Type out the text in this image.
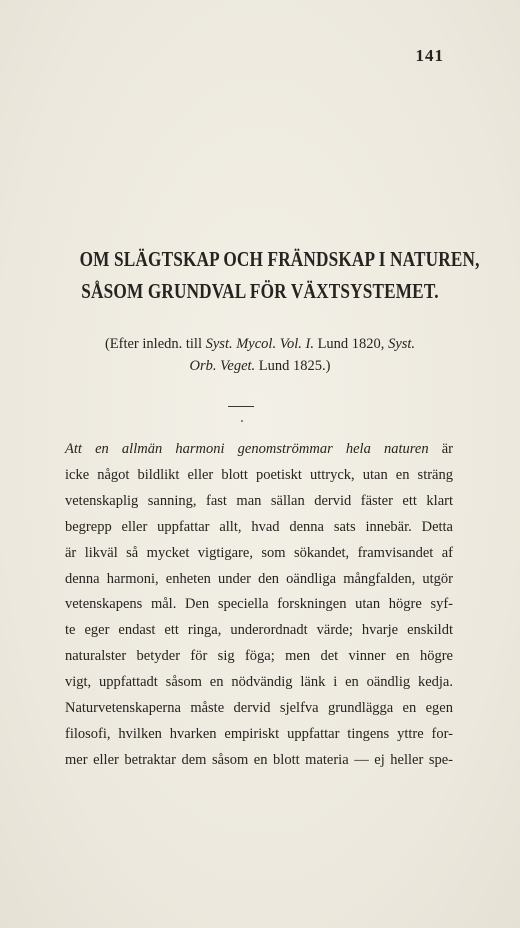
141
OM SLÄGTSKAP OCH FRÄNDSKAP I NATUREN,
SÅSOM GRUNDVAL FÖR VÄXTSYSTEMET.
(Efter inledn. till Syst. Mycol. Vol. I. Lund 1820, Syst.
Orb. Veget. Lund 1825.)
Att en allmän harmoni genomströmmar hela naturen är
icke något bildlikt eller blott poetiskt uttryck, utan en sträng
vetenskaplig sanning, fast man sällan dervid fäster ett klart
begrepp eller uppfattar allt, hvad denna sats innebär. Detta
är likväl så mycket vigtigare, som sökandet, framvisandet af
denna harmoni, enheten under den oändliga mångfalden, utgör
vetenskapens mål. Den speciella forskningen utan högre syf-
te eger endast ett ringa, underordnadt värde; hvarje enskildt
naturalster betyder för sig föga; men det vinner en högre
vigt, uppfattadt såsom en nödvändig länk i en oändlig kedja.
Naturvetenskaperna måste dervid sjelfva grundlägga en egen
filosofi, hvilken hvarken empiriskt uppfattar tingens yttre for-
mer eller betraktar dem såsom en blott materia — ej heller spe-
